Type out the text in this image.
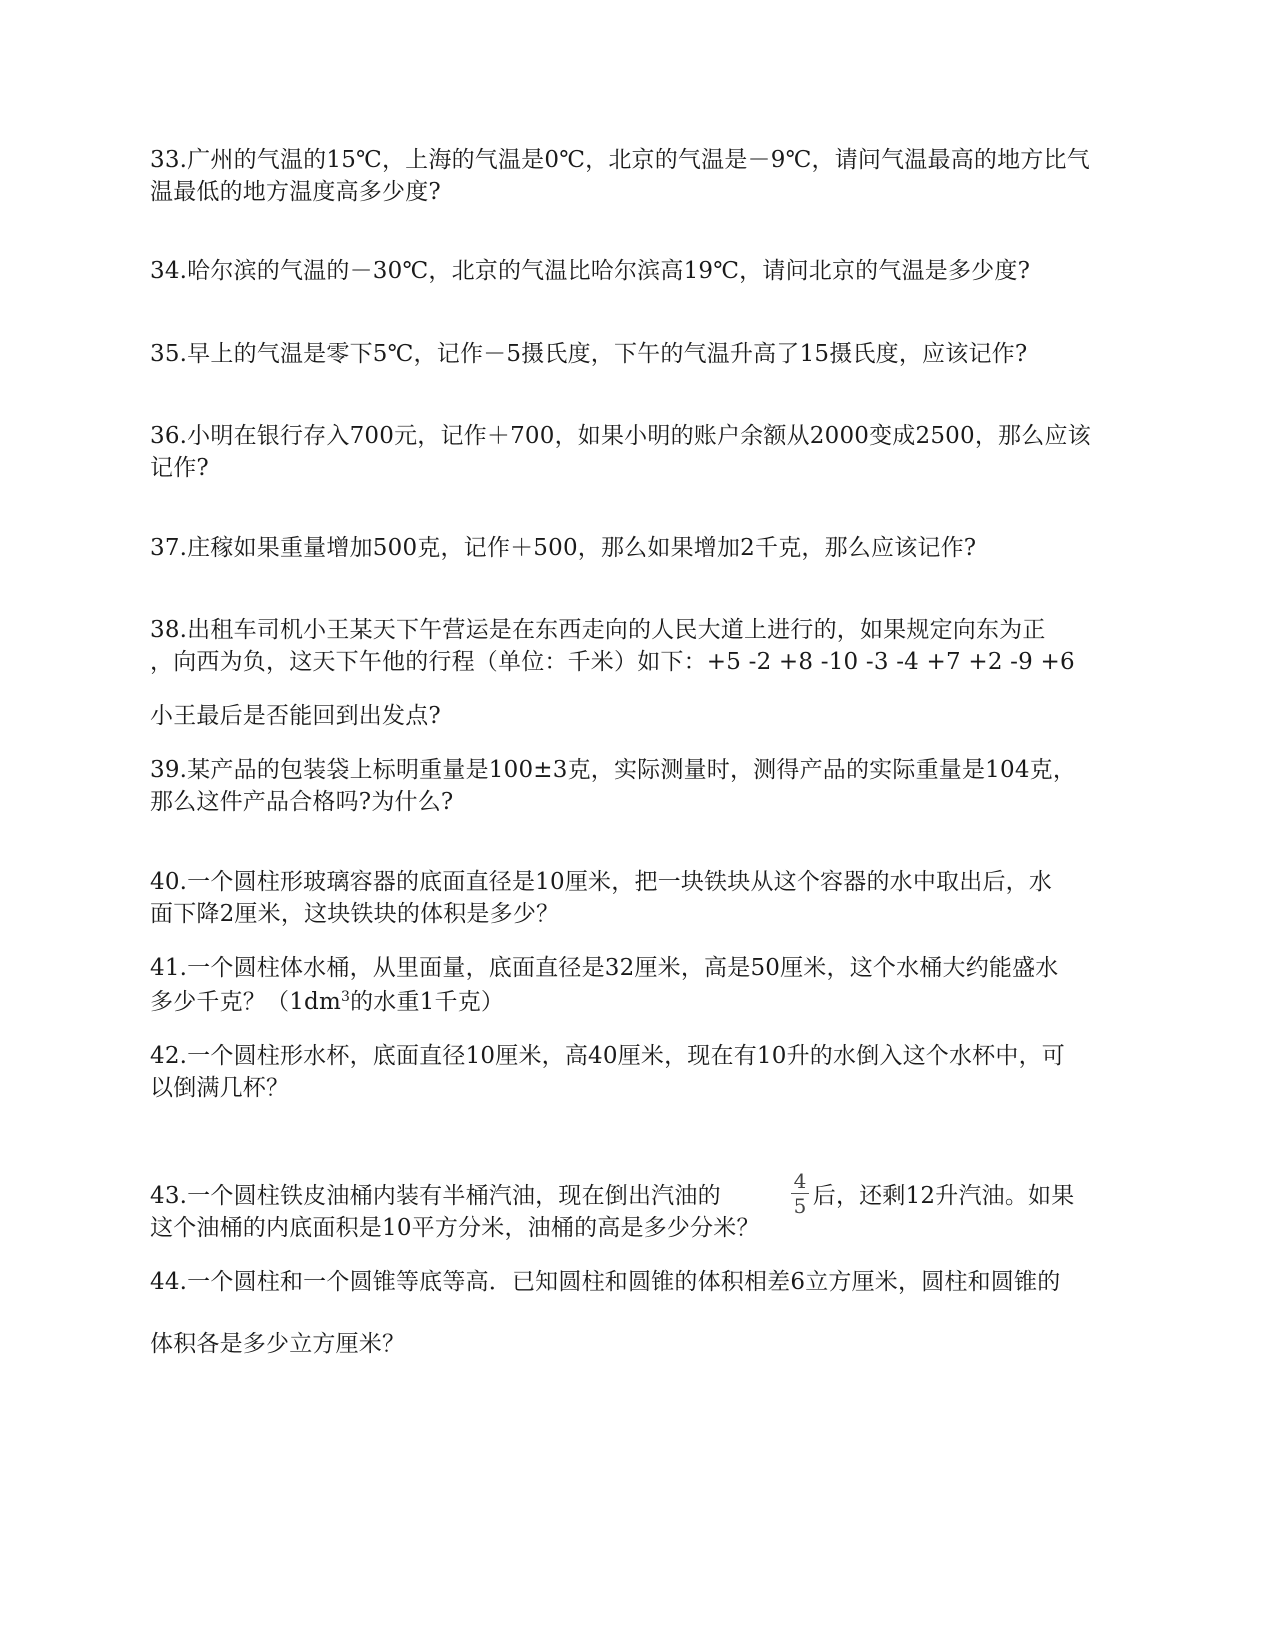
33.广州的气温的15℃，上海的气温是0℃，北京的气温是－9℃，请问气温最高的地方比气
温最低的地方温度高多少度?
34.哈尔滨的气温的－30℃，北京的气温比哈尔滨高19℃，请问北京的气温是多少度?
35.早上的气温是零下5℃，记作－5摄氏度，下午的气温升高了15摄氏度，应该记作?
36.小明在银行存入700元，记作＋700，如果小明的账户余额从2000变成2500，那么应该
记作?
37.庄稼如果重量增加500克，记作＋500，那么如果增加2千克，那么应该记作?
38.出租车司机小王某天下午营运是在东西走向的人民大道上进行的，如果规定向东为正
，向西为负，这天下午他的行程（单位：千米）如下：+5 -2 +8 -10 -3 -4 +7 +2 -9 +6
小王最后是否能回到出发点?
39.某产品的包装袋上标明重量是100±3克，实际测量时，测得产品的实际重量是104克，
那么这件产品合格吗?为什么?
40.一个圆柱形玻璃容器的底面直径是10厘米，把一块铁块从这个容器的水中取出后，水
面下降2厘米，这块铁块的体积是多少？
41.一个圆柱体水桶，从里面量，底面直径是32厘米，高是50厘米，这个水桶大约能盛水
多少千克？（$1dm^3$的水重1千克）
42.一个圆柱形水杯，底面直径10厘米，高40厘米，现在有10升的水倒入这个水杯中，可
以倒满几杯？
4
5
43.一个圆柱铁皮油桶内装有半桶汽油，现在倒出汽油的	后，还剩12升汽油。如果
这个油桶的内底面积是10平方分米，油桶的高是多少分米？
44.一个圆柱和一个圆锥等底等高．已知圆柱和圆锥的体积相差6立方厘米，圆柱和圆锥的
体积各是多少立方厘米？
